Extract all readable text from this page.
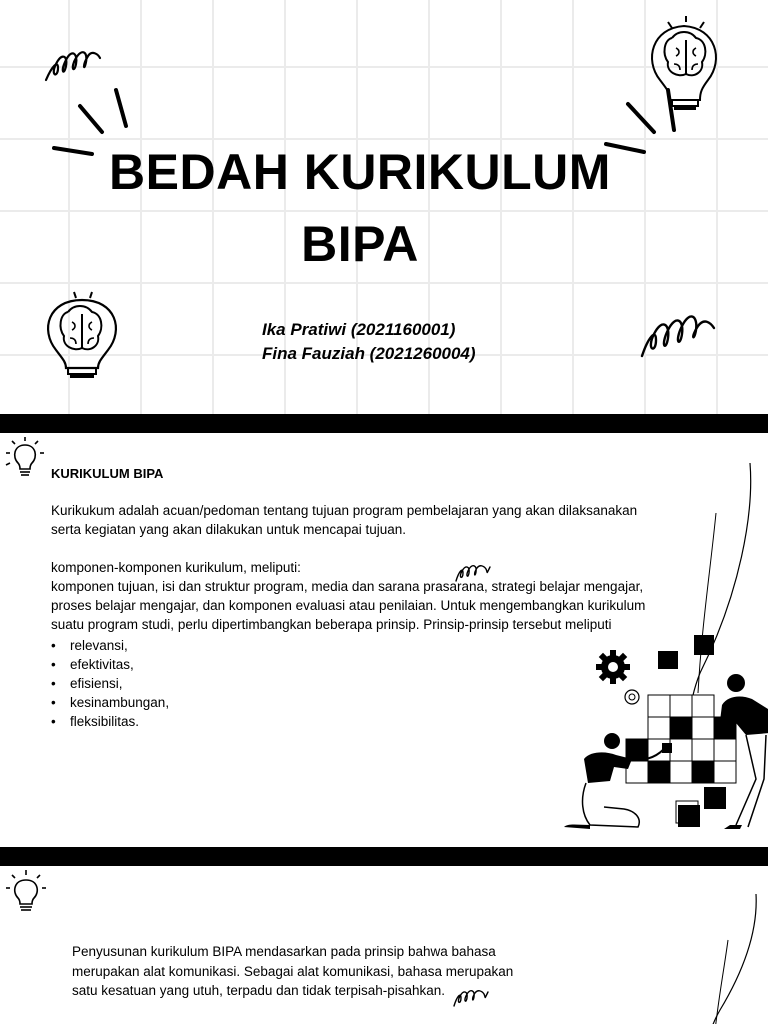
BEDAH KURIKULUM
BIPA
Ika Pratiwi (2021160001)
Fina Fauziah (2021260004)
KURIKULUM BIPA
Kurikukum adalah acuan/pedoman tentang tujuan program pembelajaran yang akan dilaksanakan
serta kegiatan yang akan dilakukan untuk mencapai tujuan.
komponen-komponen kurikulum, meliputi:
komponen tujuan, isi dan struktur program, media dan sarana prasarana, strategi belajar mengajar,
proses belajar mengajar, dan komponen evaluasi atau penilaian. Untuk mengembangkan kurikulum
suatu program studi, perlu dipertimbangkan beberapa prinsip. Prinsip-prinsip tersebut meliputi
• relevansi,
• efektivitas,
• efisiensi,
• kesinambungan,
• fleksibilitas.
Penyusunan kurikulum BIPA mendasarkan pada prinsip bahwa bahasa
merupakan alat komunikasi. Sebagai alat komunikasi, bahasa merupakan
satu kesatuan yang utuh, terpadu dan tidak terpisah-pisahkan.
